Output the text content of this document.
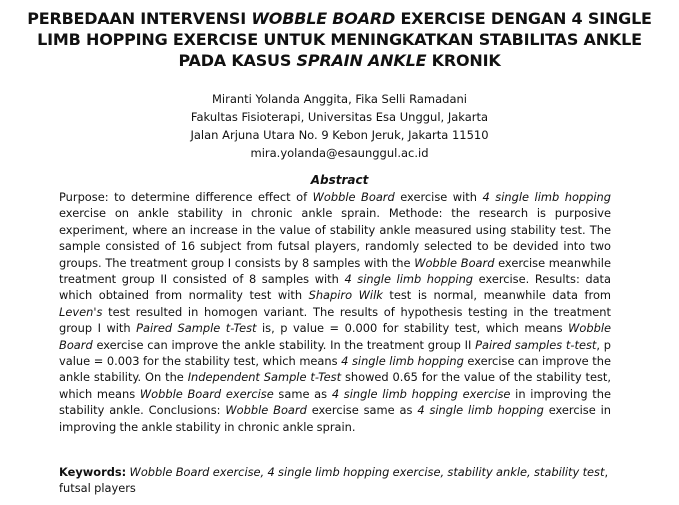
PERBEDAAN INTERVENSI WOBBLE BOARD EXERCISE DENGAN 4 SINGLE LIMB HOPPING EXERCISE UNTUK MENINGKATKAN STABILITAS ANKLE PADA KASUS SPRAIN ANKLE KRONIK
Miranti Yolanda Anggita, Fika Selli Ramadani
Fakultas Fisioterapi, Universitas Esa Unggul, Jakarta
Jalan Arjuna Utara No. 9 Kebon Jeruk, Jakarta 11510
mira.yolanda@esaunggul.ac.id
Abstract
Purpose: to determine difference effect of Wobble Board exercise with 4 single limb hopping exercise on ankle stability in chronic ankle sprain. Methode: the research is purposive experiment, where an increase in the value of stability ankle measured using stability test. The sample consisted of 16 subject from futsal players, randomly selected to be devided into two groups. The treatment group I consists by 8 samples with the Wobble Board exercise meanwhile treatment group II consisted of 8 samples with 4 single limb hopping exercise. Results: data which obtained from normality test with Shapiro Wilk test is normal, meanwhile data from Leven's test resulted in homogen variant. The results of hypothesis testing in the treatment group I with Paired Sample t-Test is, p value = 0.000 for stability test, which means Wobble Board exercise can improve the ankle stability. In the treatment group II Paired samples t-test, p value = 0.003 for the stability test, which means 4 single limb hopping exercise can improve the ankle stability. On the Independent Sample t-Test showed 0.65 for the value of the stability test, which means Wobble Board exercise same as 4 single limb hopping exercise in improving the stability ankle. Conclusions: Wobble Board exercise same as 4 single limb hopping exercise in improving the ankle stability in chronic ankle sprain.
Keywords: Wobble Board exercise, 4 single limb hopping exercise, stability ankle, stability test, futsal players
